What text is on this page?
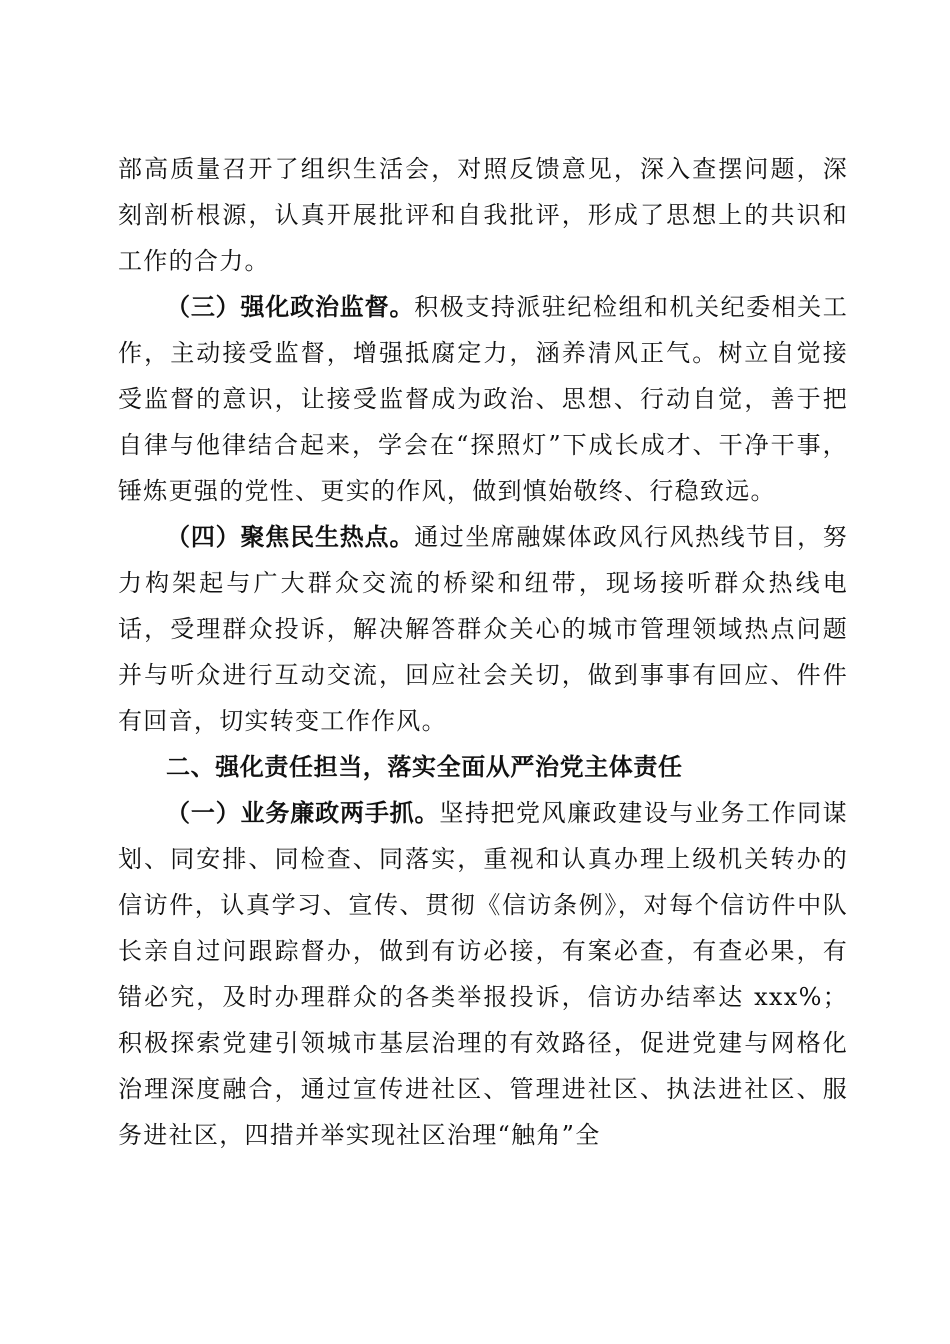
部高质量召开了组织生活会，对照反馈意见，深入查摆问题，深刻剖析根源，认真开展批评和自我批评，形成了思想上的共识和工作的合力。

（三）强化政治监督。积极支持派驻纪检组和机关纪委相关工作，主动接受监督，增强抵腐定力，涵养清风正气。树立自觉接受监督的意识，让接受监督成为政治、思想、行动自觉，善于把自律与他律结合起来，学会在“探照灯”下成长成才、干净干事，锤炼更强的党性、更实的作风，做到慎始敬终、行稳致远。

（四）聚焦民生热点。通过坐席融媒体政风行风热线节目，努力构架起与广大群众交流的桥梁和纽带，现场接听群众热线电话，受理群众投诉，解决解答群众关心的城市管理领域热点问题并与听众进行互动交流，回应社会关切，做到事事有回应、件件有回音，切实转变工作作风。

二、强化责任担当，落实全面从严治党主体责任

（一）业务廉政两手抓。坚持把党风廉政建设与业务工作同谋划、同安排、同检查、同落实，重视和认真办理上级机关转办的信访件，认真学习、宣传、贯彻《信访条例》，对每个信访件中队长亲自过问跟踪督办，做到有访必接，有案必查，有查必果，有错必究，及时办理群众的各类举报投诉，信访办结率达 xxx%；积极探索党建引领城市基层治理的有效路径，促进党建与网格化治理深度融合，通过宣传进社区、管理进社区、执法进社区、服务进社区，四措并举实现社区治理“触角”全
